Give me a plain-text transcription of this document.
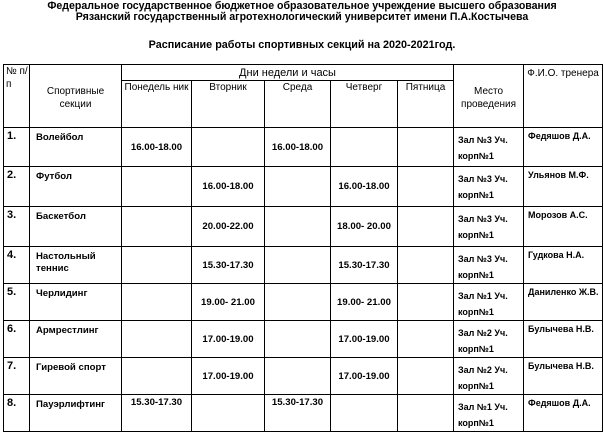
Федеральное государственное бюджетное образовательное учреждение высшего образования
Рязанский государственный агротехнологический университет имени П.А.Костычева
Расписание работы спортивных секций на 2020-2021год.
№ п/п	Спортивные секции	Дни недели и часы					Место проведения	Ф.И.О. тренера
		Понедель ник	Вторник	Среда	Четверг	Пятница		
1.	Волейбол	16.00-18.00		16.00-18.00			Зал №3 Уч. корп№1	Федяшов Д.А.
2.	Футбол		16.00-18.00		16.00-18.00		Зал №3 Уч. корп№1	Ульянов М.Ф.
3.	Баскетбол		20.00-22.00		18.00- 20.00		Зал №3 Уч. корп№1	Морозов А.С.
4.	Настольный теннис		15.30-17.30		15.30-17.30		Зал №3 Уч. корп№1	Гудкова Н.А.
5.	Черлидинг		19.00- 21.00		19.00- 21.00		Зал №1 Уч. корп№1	Даниленко Ж.В.
6.	Армрестлинг		17.00-19.00		17.00-19.00		Зал №2 Уч. корп№1	Булычева Н.В.
7.	Гиревой спорт		17.00-19.00		17.00-19.00		Зал №2 Уч. корп№1	Булычева Н.В.
8.	Пауэрлифтинг	15.30-17.30		15.30-17.30			Зал №1 Уч. корп№1	Федяшов Д.А.
